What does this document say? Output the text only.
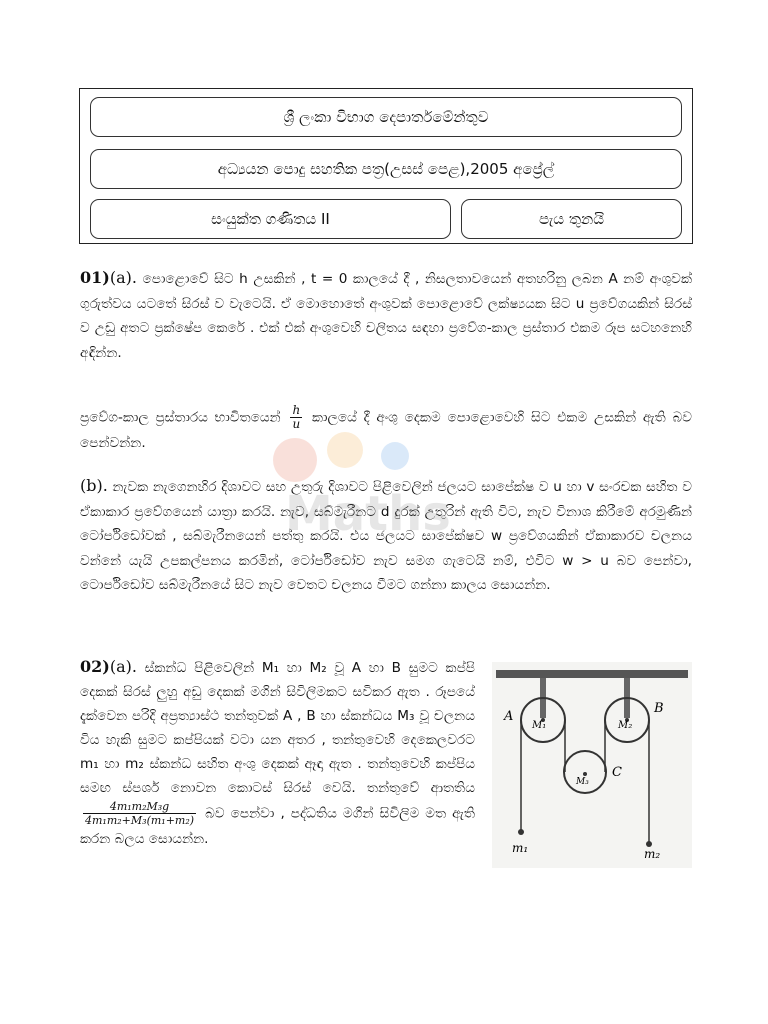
ශ්‍රී ලංකා විභාග දෙපාර්තමේන්තුව
අධ්‍යයන පොදු සහතික පත්‍ර(උසස් පෙළ),2005 අප්‍රේල්
සංයුක්ත ගණිතය II	පැය තුනයි
01)(a). පොළොවේ සිට h උසකින් , t = 0 කාලයේ දී , නිසලතාවයෙන් අතහරිනු ලබන A නම් අංශුවක් ගුරුත්වය යටතේ සිරස් ව වැටෙයි. ඒ මොහොතේ අංශුවක් පොළොවේ ලක්ෂ්‍යයක සිට u ප්‍රවේගයකින් සිරස් ව උඩු අතට ප්‍රක්ෂේප කෙරේ . එක් එක් අංශුවෙහි චලිතය සඳහා ප්‍රවේග-කාල ප්‍රස්තාර එකම රූප සටහනෙහි අඳින්න.
ප්‍රවේග-කාල ප්‍රස්තාරය භාවිතයෙන් $\frac{h}{u}$ කාලයේ දී අංශු දෙකම පොළොවෙහි සිට එකම උසකින් ඇති බව පෙන්වන්න.
(b). නැවක නැගෙනහිර දිශාවට සහ උතුරු දිශාවට පිළිවෙලින් ජලයට සාපේක්ෂ ව u හා v සංරචක සහිත ව ඒකාකාර ප්‍රවේගයෙන් යාත්‍රා කරයි. නැව, සබ්මැරීනට d දුරක් උතුරින් ඇති විට, නැව විනාශ කිරීමේ අරමුණින් ටෝර්පිඩෝවක් , සබ්මැරීනයෙන් පත්තු කරයි. එය ජලයට සාපේක්ෂව w ප්‍රවේගයකින් ඒකාකාරව චලනය වන්නේ යැයි උපකල්පනය කරමින්, ටෝර්පිඩෝව නැව සමග ගැටෙයි නම්, එවිට w > u බව පෙන්වා, ටොර්පිඩෝව සබ්මැරීනයේ සිට නැව වෙතට චලනය වීමට ගන්නා කාලය සොයන්න.
02)(a). ස්කන්ධ පිළිවෙලින් M₁ හා M₂ වූ A හා B සුමට කප්පි දෙකක් සිරස් ලුහු අඩු දෙකක් මගින් සිවිලිමකට සවිකර ඇත . රූපයේ දැක්වෙන පරිදි අප්‍රත්‍යාස්ථ තන්තුවක් A , B හා ස්කන්ධය M₃ වූ චලනය විය හැකි සුමට කප්පියක් වටා යන අතර , තන්තුවෙහි දෙකෙලවරට m₁ හා m₂ ස්කන්ධ සහිත අංශු දෙකක් ඈඳා ඇත . තන්තුවෙහි කප්පිය සමඟ ස්පර්ශ නොවන කොටස් සිරස් වෙයි. තන්තුවේ ආතතිය
$\frac{\text{4m₁m₂M₃g}}{\text{4m₁m₂+M₃(m₁+m₂)}}$ බව පෙන්වා , පද්ධතිය මගින් සිවිලිම මත ඇති කරන බලය සොයන්න.
A
B
C
M₁	M₂
M₃
m₁	m₂
Maths
